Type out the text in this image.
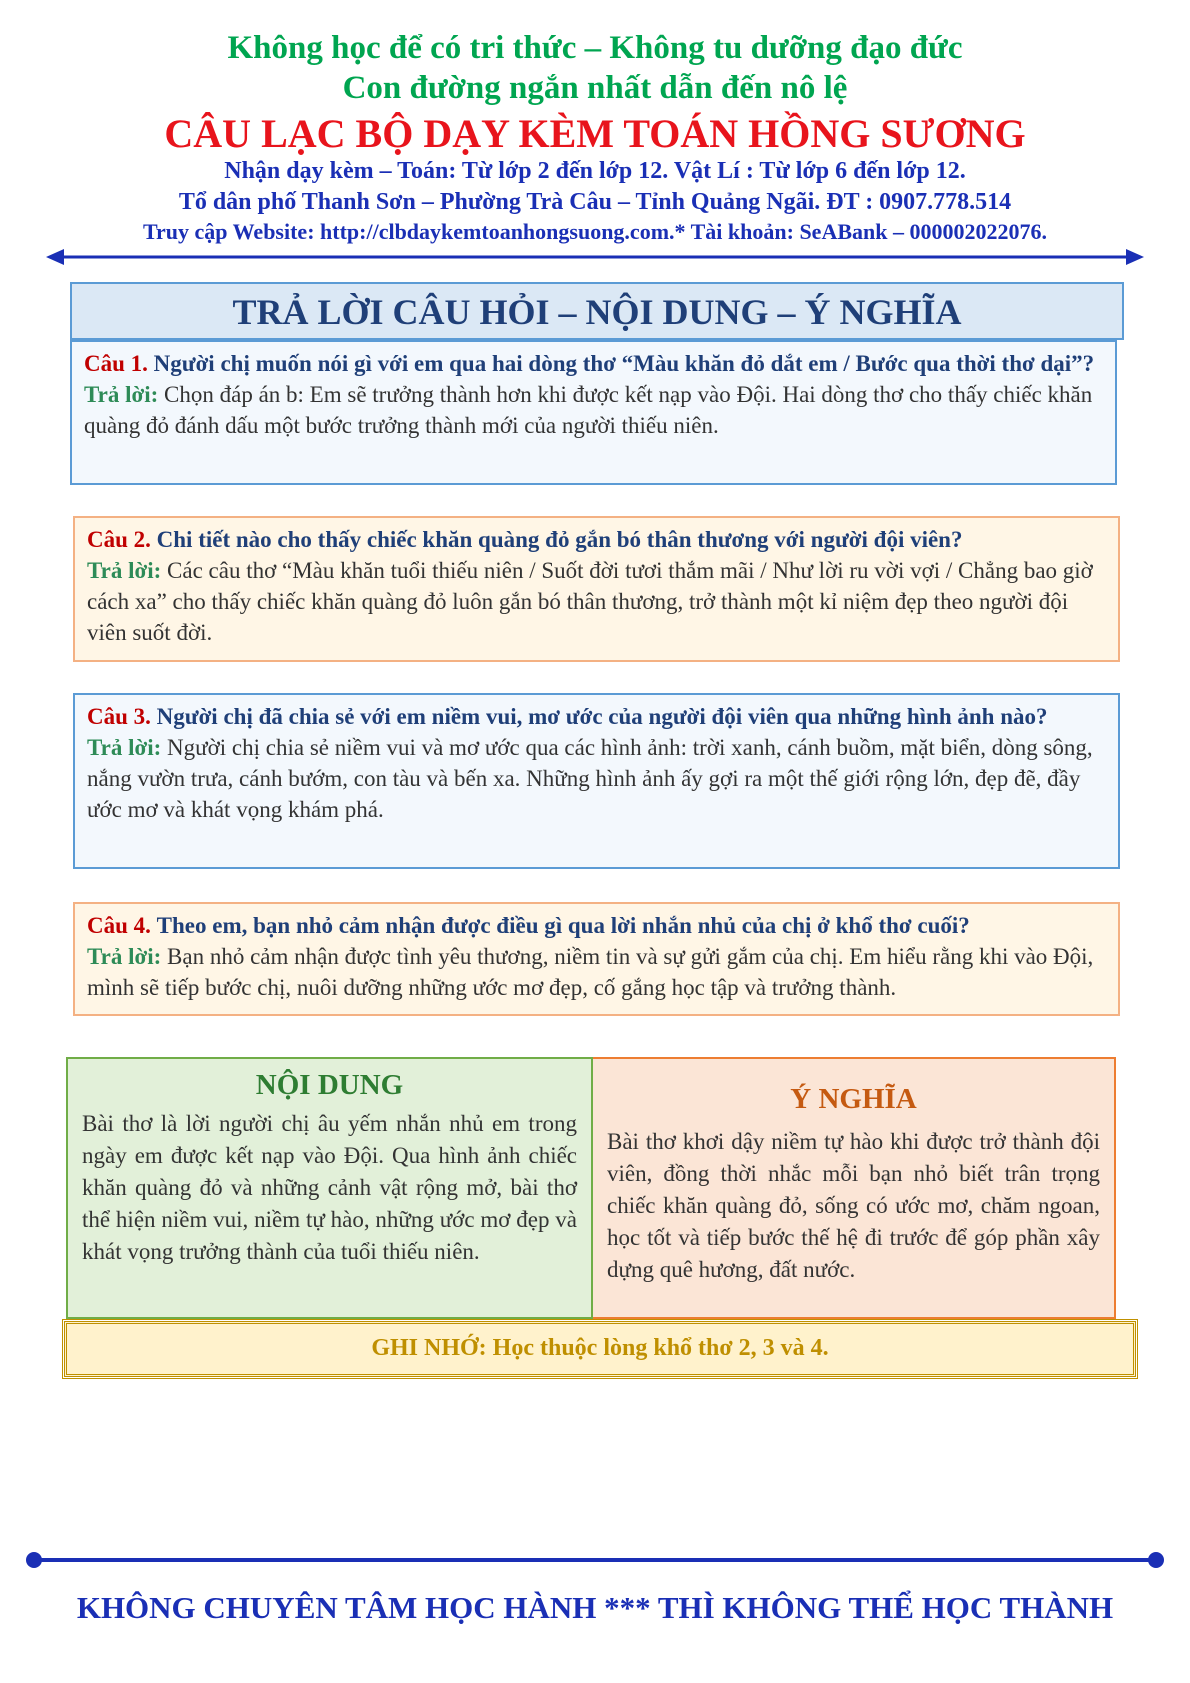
Không học để có tri thức – Không tu dưỡng đạo đức
Con đường ngắn nhất dẫn đến nô lệ
CÂU LẠC BỘ DẠY KÈM TOÁN HỒNG SƯƠNG
Nhận dạy kèm – Toán: Từ lớp 2 đến lớp 12. Vật Lí : Từ lớp 6 đến lớp 12.
Tổ dân phố Thanh Sơn – Phường Trà Câu – Tỉnh Quảng Ngãi. ĐT : 0907.778.514
Truy cập Website: http://clbdaykemtoanhongsuong.com.* Tài khoản: SeABank – 000002022076.
TRẢ LỜI CÂU HỎI – NỘI DUNG – Ý NGHĨA
Câu 1. Người chị muốn nói gì với em qua hai dòng thơ “Màu khăn đỏ dắt em / Bước qua thời thơ dại”?
Trả lời: Chọn đáp án b: Em sẽ trưởng thành hơn khi được kết nạp vào Đội. Hai dòng thơ cho thấy chiếc khăn quàng đỏ đánh dấu một bước trưởng thành mới của người thiếu niên.
Câu 2. Chi tiết nào cho thấy chiếc khăn quàng đỏ gắn bó thân thương với người đội viên?
Trả lời: Các câu thơ “Màu khăn tuổi thiếu niên / Suốt đời tươi thắm mãi / Như lời ru vời vợi / Chẳng bao giờ cách xa” cho thấy chiếc khăn quàng đỏ luôn gắn bó thân thương, trở thành một kỉ niệm đẹp theo người đội viên suốt đời.
Câu 3. Người chị đã chia sẻ với em niềm vui, mơ ước của người đội viên qua những hình ảnh nào?
Trả lời: Người chị chia sẻ niềm vui và mơ ước qua các hình ảnh: trời xanh, cánh buồm, mặt biển, dòng sông, nắng vườn trưa, cánh bướm, con tàu và bến xa. Những hình ảnh ấy gợi ra một thế giới rộng lớn, đẹp đẽ, đầy ước mơ và khát vọng khám phá.
Câu 4. Theo em, bạn nhỏ cảm nhận được điều gì qua lời nhắn nhủ của chị ở khổ thơ cuối?
Trả lời: Bạn nhỏ cảm nhận được tình yêu thương, niềm tin và sự gửi gắm của chị. Em hiểu rằng khi vào Đội, mình sẽ tiếp bước chị, nuôi dưỡng những ước mơ đẹp, cố gắng học tập và trưởng thành.
NỘI DUNG
Bài thơ là lời người chị âu yếm nhắn nhủ em trong ngày em được kết nạp vào Đội. Qua hình ảnh chiếc khăn quàng đỏ và những cảnh vật rộng mở, bài thơ thể hiện niềm vui, niềm tự hào, những ước mơ đẹp và khát vọng trưởng thành của tuổi thiếu niên.
Ý NGHĨA
Bài thơ khơi dậy niềm tự hào khi được trở thành đội viên, đồng thời nhắc mỗi bạn nhỏ biết trân trọng chiếc khăn quàng đỏ, sống có ước mơ, chăm ngoan, học tốt và tiếp bước thế hệ đi trước để góp phần xây dựng quê hương, đất nước.
GHI NHỚ: Học thuộc lòng khổ thơ 2, 3 và 4.
KHÔNG CHUYÊN TÂM HỌC HÀNH *** THÌ KHÔNG THỂ HỌC THÀNH
